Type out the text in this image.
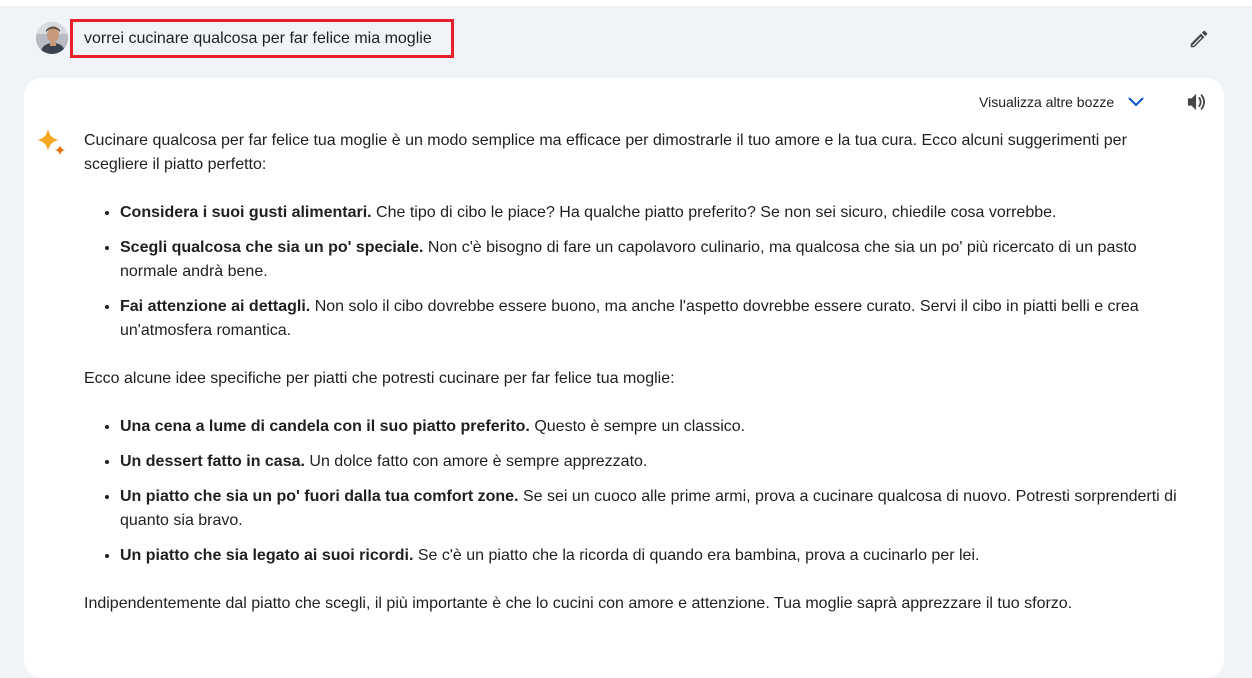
vorrei cucinare qualcosa per far felice mia moglie
Visualizza altre bozze

Cucinare qualcosa per far felice tua moglie è un modo semplice ma efficace per dimostrarle il tuo amore e la tua cura. Ecco alcuni suggerimenti per scegliere il piatto perfetto:

• Considera i suoi gusti alimentari. Che tipo di cibo le piace? Ha qualche piatto preferito? Se non sei sicuro, chiedile cosa vorrebbe.
• Scegli qualcosa che sia un po' speciale. Non c'è bisogno di fare un capolavoro culinario, ma qualcosa che sia un po' più ricercato di un pasto normale andrà bene.
• Fai attenzione ai dettagli. Non solo il cibo dovrebbe essere buono, ma anche l'aspetto dovrebbe essere curato. Servi il cibo in piatti belli e crea un'atmosfera romantica.

Ecco alcune idee specifiche per piatti che potresti cucinare per far felice tua moglie:

• Una cena a lume di candela con il suo piatto preferito. Questo è sempre un classico.
• Un dessert fatto in casa. Un dolce fatto con amore è sempre apprezzato.
• Un piatto che sia un po' fuori dalla tua comfort zone. Se sei un cuoco alle prime armi, prova a cucinare qualcosa di nuovo. Potresti sorprenderti di quanto sia bravo.
• Un piatto che sia legato ai suoi ricordi. Se c'è un piatto che la ricorda di quando era bambina, prova a cucinarlo per lei.

Indipendentemente dal piatto che scegli, il più importante è che lo cucini con amore e attenzione. Tua moglie saprà apprezzare il tuo sforzo.
